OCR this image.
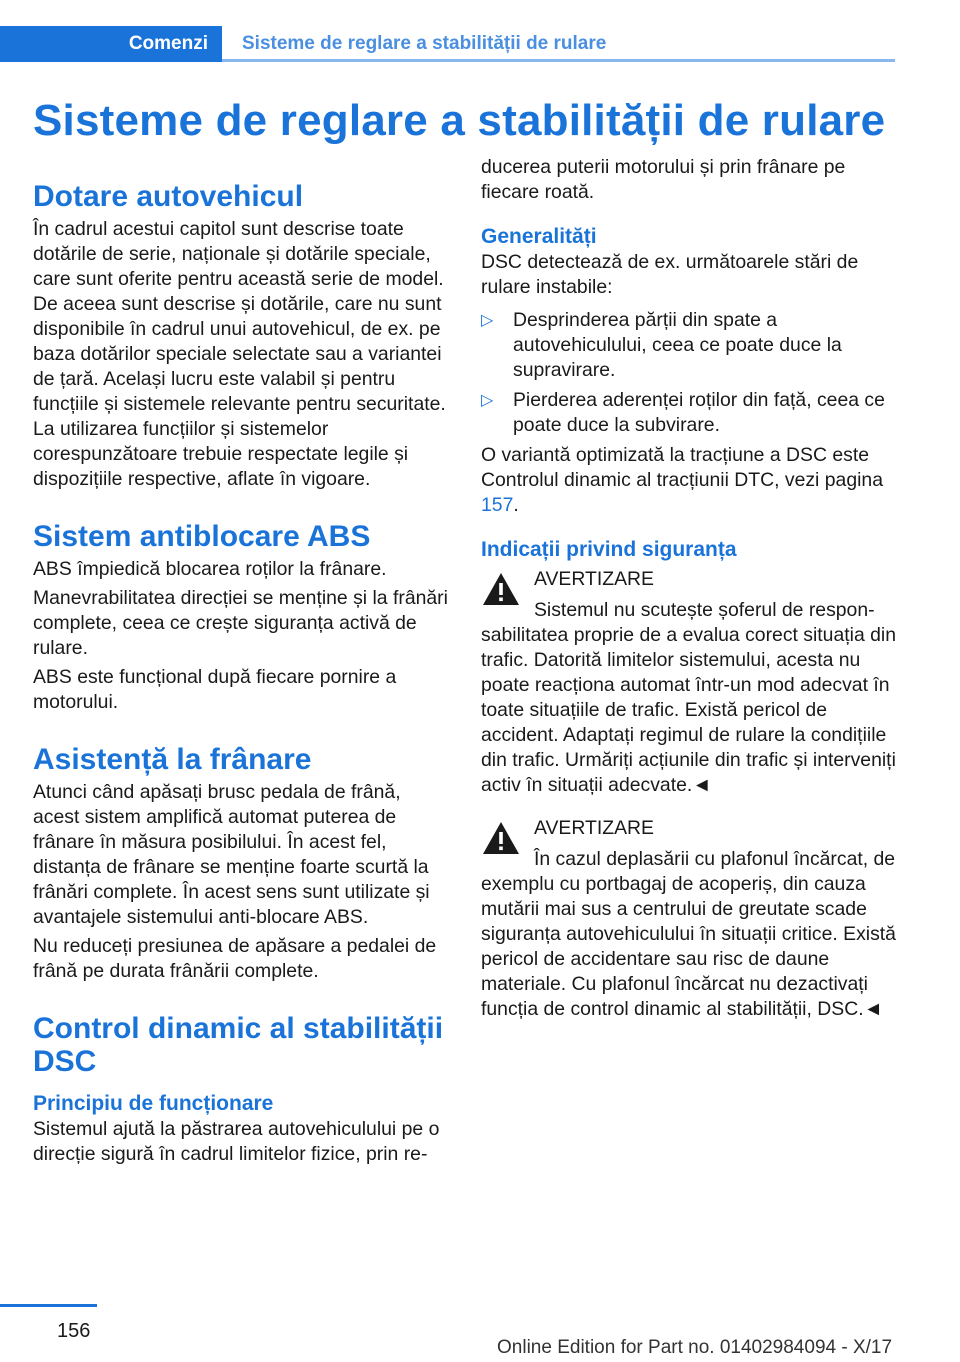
Comenzi Sisteme de reglare a stabilității de rulare
Sisteme de reglare a stabilității de rulare
Dotare autovehicul

În cadrul acestui capitol sunt descrise toate dotările de serie, naționale și dotările speciale, care sunt oferite pentru această serie de model. De aceea sunt descrise și dotările, care nu sunt disponibile în cadrul unui autovehicul, de ex. pe baza dotărilor speciale selectate sau a variantei de țară. Același lucru este valabil și pentru funcțiile și sistemele relevante pentru securitate. La utilizarea funcțiilor și sistemelor corespunzătoare trebuie respectate legile și dispozițiile respective, aflate în vigoare.

Sistem antiblocare ABS

ABS împiedică blocarea roților la frânare.

Manevrabilitatea direcției se menține și la frânări complete, ceea ce crește siguranța activă de rulare.

ABS este funcțional după fiecare pornire a motorului.

Asistență la frânare

Atunci când apăsați brusc pedala de frână, acest sistem amplifică automat puterea de frânare în măsura posibilului. În acest fel, distanța de frânare se menține foarte scurtă la frânări complete. În acest sens sunt utilizate și avantajele sistemului anti-blocare ABS.

Nu reduceți presiunea de apăsare a pedalei de frână pe durata frânării complete.

Control dinamic al stabilității DSC
Principiu de funcționare

Sistemul ajută la păstrarea autovehiculului pe o direcție sigură în cadrul limitelor fizice, prin re-

ducerea puterii motorului și prin frânare pe fiecare roată.

Generalități

DSC detectează de ex. următoarele stări de rulare instabile:

▷	Desprinderea părții din spate a autovehiculului, ceea ce poate duce la supravirare.
▷	Pierderea aderenței roților din față, ceea ce poate duce la subvirare.

O variantă optimizată la tracțiune a DSC este Controlul dinamic al tracțiunii DTC, vezi pagina 157.

Indicații privind siguranța
AVERTIZARE
Sistemul nu scutește șoferul de respon-

sabilitatea proprie de a evalua corect situația din trafic. Datorită limitelor sistemului, acesta nu poate reacționa automat într-un mod adecvat în toate situațiile de trafic. Există pericol de accident. Adaptați regimul de rulare la condițiile din trafic. Urmăriți acțiunile din trafic și interveniți activ în situații adecvate.◄

AVERTIZARE
În cazul deplasării cu plafonul încărcat, de

exemplu cu portbagaj de acoperiș, din cauza mutării mai sus a centrului de greutate scade siguranța autovehiculului în situații critice. Există pericol de accidentare sau risc de daune materiale. Cu plafonul încărcat nu dezactivați funcția de control dinamic al stabilității, DSC.◄

156
Online Edition for Part no. 01402984094 - X/17
